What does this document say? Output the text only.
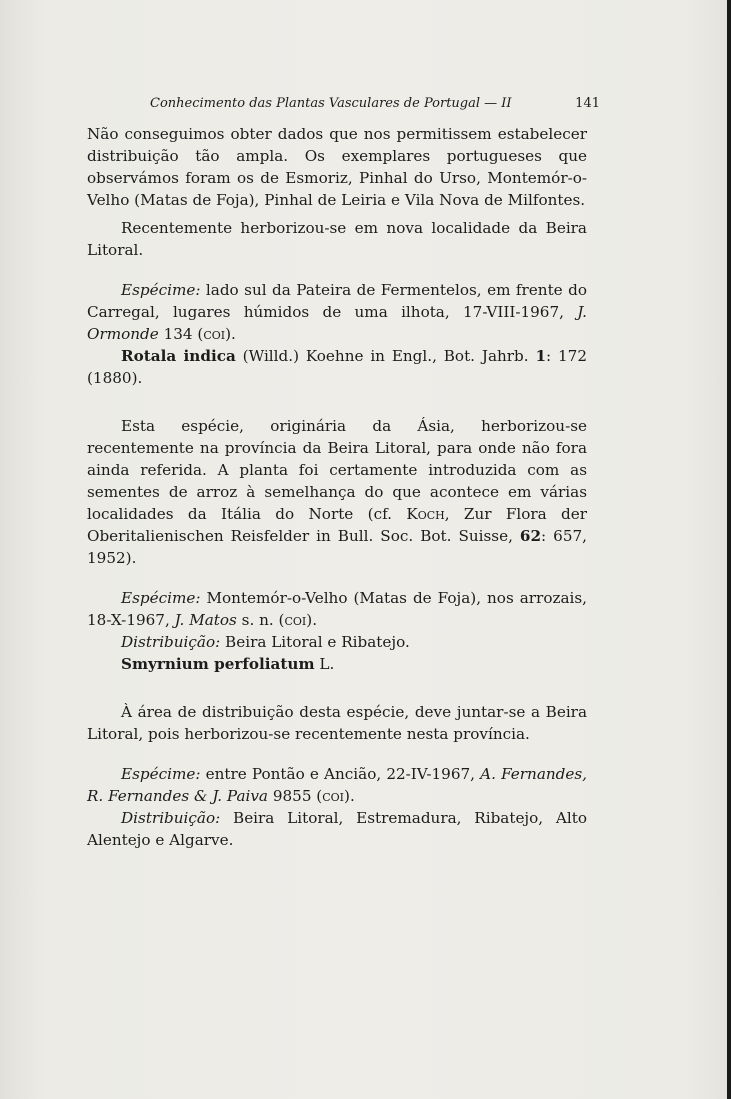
Conhecimento das Plantas Vasculares de Portugal — II	141

Não conseguimos obter dados que nos permitissem estabelecer distribuição tão ampla. Os exemplares portugueses que observámos foram os de Esmoriz, Pinhal do Urso, Montemór-o-Velho (Matas de Foja), Pinhal de Leiria e Vila Nova de Milfontes.

Recentemente herborizou-se em nova localidade da Beira Litoral.

Espécime: lado sul da Pateira de Fermentelos, em frente do Carregal, lugares húmidos de uma ilhota, 17-VIII-1967, J. Ormonde 134 (coi).

Rotala indica (Willd.) Koehne in Engl., Bot. Jahrb. 1: 172 (1880).

Esta espécie, originária da Ásia, herborizou-se recentemente na província da Beira Litoral, para onde não fora ainda referida. A planta foi certamente introduzida com as sementes de arroz à semelhança do que acontece em várias localidades da Itália do Norte (cf. Koch, Zur Flora der Oberitalienischen Reisfelder in Bull. Soc. Bot. Suisse, 62: 657, 1952).

Espécime: Montemór-o-Velho (Matas de Foja), nos arrozais, 18-X-1967, J. Matos s. n. (coi).

Distribuição: Beira Litoral e Ribatejo.

Smyrnium perfoliatum L.

À área de distribuição desta espécie, deve juntar-se a Beira Litoral, pois herborizou-se recentemente nesta província.

Espécime: entre Pontão e Ancião, 22-IV-1967, A. Fernandes, R. Fernandes & J. Paiva 9855 (coi).

Distribuição: Beira Litoral, Estremadura, Ribatejo, Alto Alentejo e Algarve.
